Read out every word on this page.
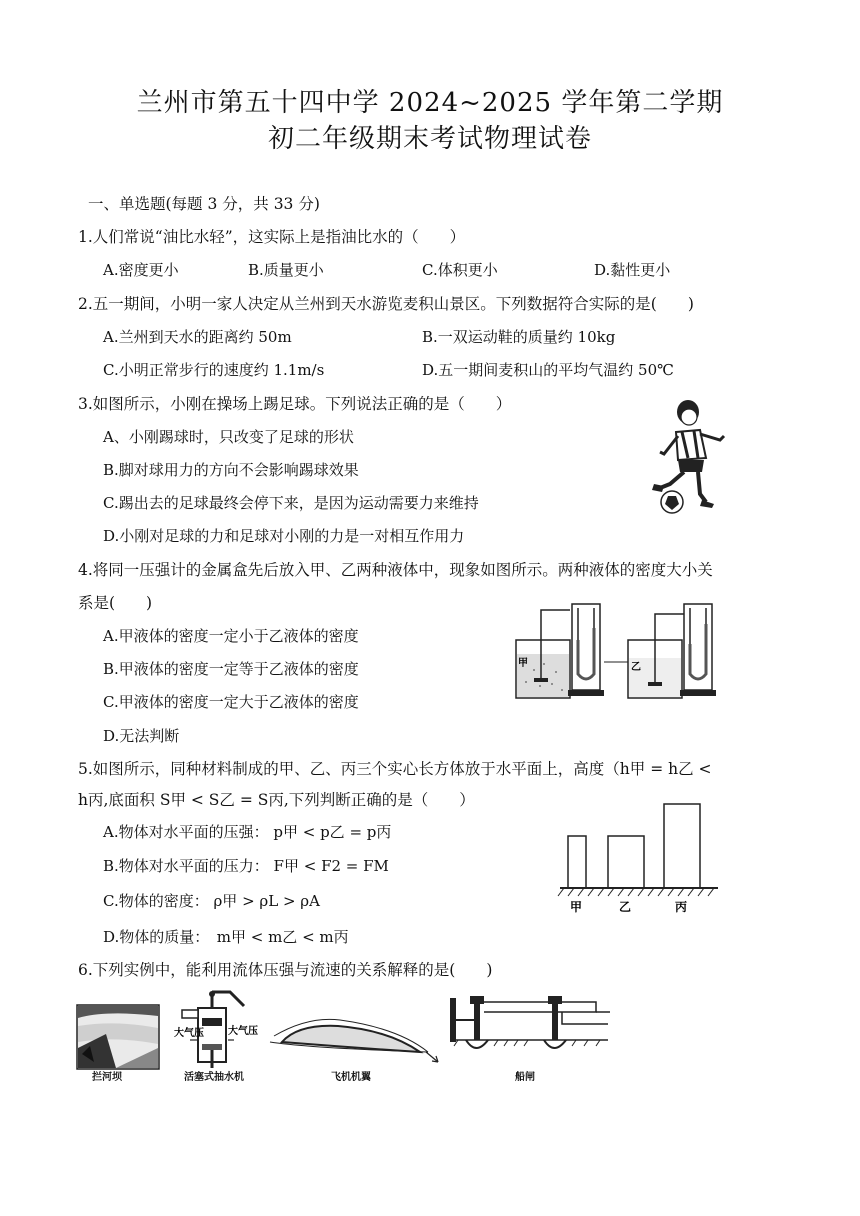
兰州市第五十四中学 2024~2025 学年第二学期
初二年级期末考试物理试卷
一、单选题(每题 3 分，共 33 分)
1.人们常说“油比水轻”，这实际上是指油比水的（　　）
A.密度更小	B.质量更小	C.体积更小	D.黏性更小
2.五一期间，小明一家人决定从兰州到天水游览麦积山景区。下列数据符合实际的是(　　)
A.兰州到天水的距离约 50m	B.一双运动鞋的质量约 10kg
C.小明正常步行的速度约 1.1m/s	D.五一期间麦积山的平均气温约 50℃
3.如图所示，小刚在操场上踢足球。下列说法正确的是（　　）
A、小刚踢球时，只改变了足球的形状
B.脚对球用力的方向不会影响踢球效果
C.踢出去的足球最终会停下来，是因为运动需要力来维持
D.小刚对足球的力和足球对小刚的力是一对相互作用力
4.将同一压强计的金属盒先后放入甲、乙两种液体中，现象如图所示。两种液体的密度大小关
系是(　　)
A.甲液体的密度一定小于乙液体的密度
B.甲液体的密度一定等于乙液体的密度
C.甲液体的密度一定大于乙液体的密度
D.无法判断
甲	乙
5.如图所示，同种材料制成的甲、乙、丙三个实心长方体放于水平面上，高度（h甲 = h乙 <
h丙,底面积 S甲 < S乙 = S丙,下列判断正确的是（　　）
A.物体对水平面的压强： p甲 < p乙 = p丙
B.物体对水平面的压力： F甲 < F2 = FM
C.物体的密度： ρ甲 > ρL > ρA
D.物体的质量：　m甲 < m乙 < m丙
甲	乙	丙
6.下列实例中，能利用流体压强与流速的关系解释的是(　　)
拦河坝
大气压 大气压
活塞式抽水机	飞机机翼	船闸
